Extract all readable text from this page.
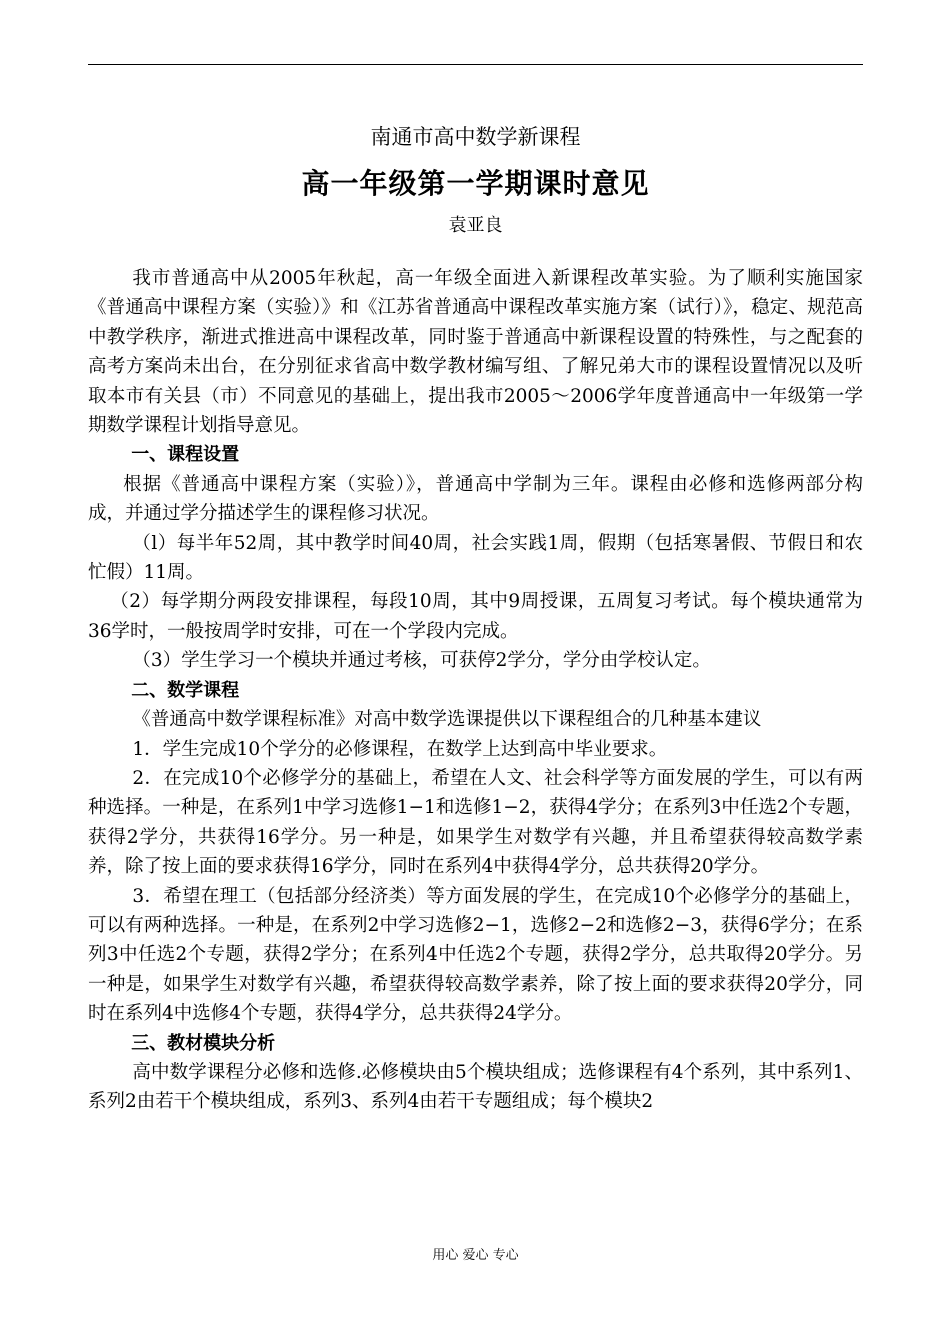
南通市高中数学新课程
高一年级第一学期课时意见
袁亚良

我市普通高中从2005年秋起，高一年级全面进入新课程改革实验。为了顺利实施国家《普通高中课程方案（实验）》和《江苏省普通高中课程改革实施方案（试行）》，稳定、规范高中教学秩序，渐进式推进高中课程改革，同时鉴于普通高中新课程设置的特殊性，与之配套的高考方案尚未出台，在分别征求省高中数学教材编写组、了解兄弟大市的课程设置情况以及听取本市有关县（市）不同意见的基础上，提出我市2005～2006学年度普通高中一年级第一学期数学课程计划指导意见。

一、课程设置

根据《普通高中课程方案（实验）》，普通高中学制为三年。课程由必修和选修两部分构成，并通过学分描述学生的课程修习状况。

（l）每半年52周，其中教学时间40周，社会实践1周，假期（包括寒暑假、节假日和农忙假）11周。

（2）每学期分两段安排课程，每段10周，其中9周授课，五周复习考试。每个模块通常为36学时，一般按周学时安排，可在一个学段内完成。

（3）学生学习一个模块并通过考核，可获停2学分，学分由学校认定。

二、数学课程

《普通高中数学课程标准》对高中数学选课提供以下课程组合的几种基本建议

1．学生完成10个学分的必修课程，在数学上达到高中毕业要求。

2．在完成10个必修学分的基础上，希望在人文、社会科学等方面发展的学生，可以有两种选择。一种是，在系列1中学习选修1−1和选修1−2，获得4学分；在系列3中任选2个专题，获得2学分，共获得16学分。另一种是，如果学生对数学有兴趣，并且希望获得较高数学素养，除了按上面的要求获得16学分，同时在系列4中获得4学分，总共获得20学分。

3．希望在理工（包括部分经济类）等方面发展的学生，在完成10个必修学分的基础上，可以有两种选择。一种是，在系列2中学习选修2−1，选修2−2和选修2−3，获得6学分；在系列3中任选2个专题，获得2学分；在系列4中任选2个专题，获得2学分，总共取得20学分。另一种是，如果学生对数学有兴趣，希望获得较高数学素养，除了按上面的要求获得20学分，同时在系列4中选修4个专题，获得4学分，总共获得24学分。

三、教材模块分析

高中数学课程分必修和选修.必修模块由5个模块组成；选修课程有4个系列，其中系列1、系列2由若干个模块组成，系列3、系列4由若干专题组成；每个模块2

用心 爱心 专心
